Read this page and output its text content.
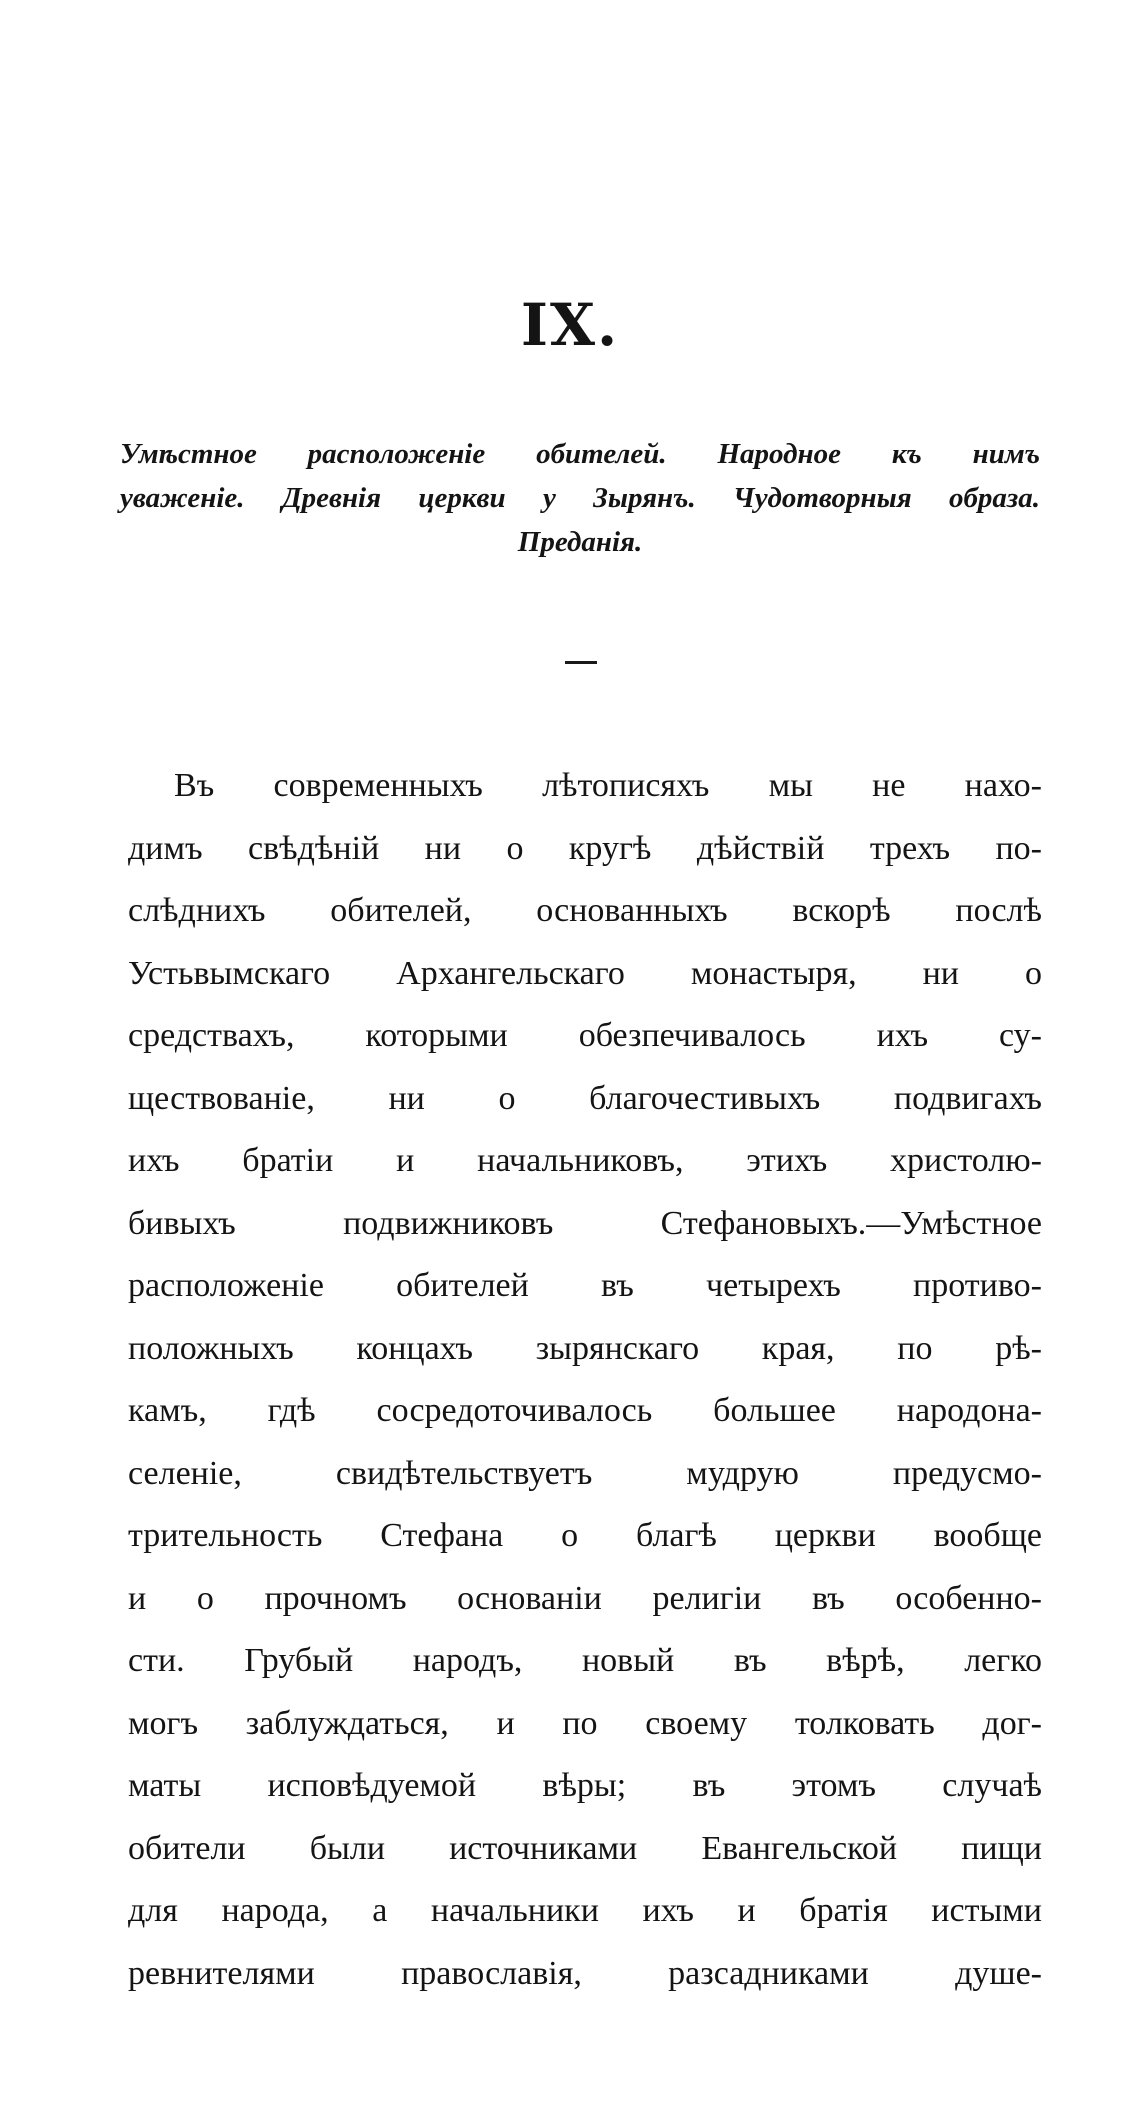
IX.
Умѣстное расположеніе обителей. Народное къ нимъ
уваженіе. Древнія церкви у Зырянъ. Чудотворныя образа.
Преданія.
Въ современныхъ лѣтописяхъ мы не нахо-
димъ свѣдѣній ни о кругѣ дѣйствій трехъ по-
слѣднихъ обителей, основанныхъ вскорѣ послѣ
Устьвымскаго Архангельскаго монастыря, ни о
средствахъ, которыми обезпечивалось ихъ су-
ществованіе, ни о благочестивыхъ подвигахъ
ихъ братіи и начальниковъ, этихъ христолю-
бивыхъ подвижниковъ Стефановыхъ.—Умѣстное
расположеніе обителей въ четырехъ противо-
положныхъ концахъ зырянскаго края, по рѣ-
камъ, гдѣ сосредоточивалось большее народона-
селеніе, свидѣтельствуетъ мудрую предусмо-
трительность Стефана о благѣ церкви вообще
и о прочномъ основаніи религіи въ особенно-
сти. Грубый народъ, новый въ вѣрѣ, легко
могъ заблуждаться, и по своему толковать дог-
маты исповѣдуемой вѣры; въ этомъ случаѣ
обители были источниками Евангельской пищи
для народа, а начальники ихъ и братія истыми
ревнителями православія, разсадниками душе-
